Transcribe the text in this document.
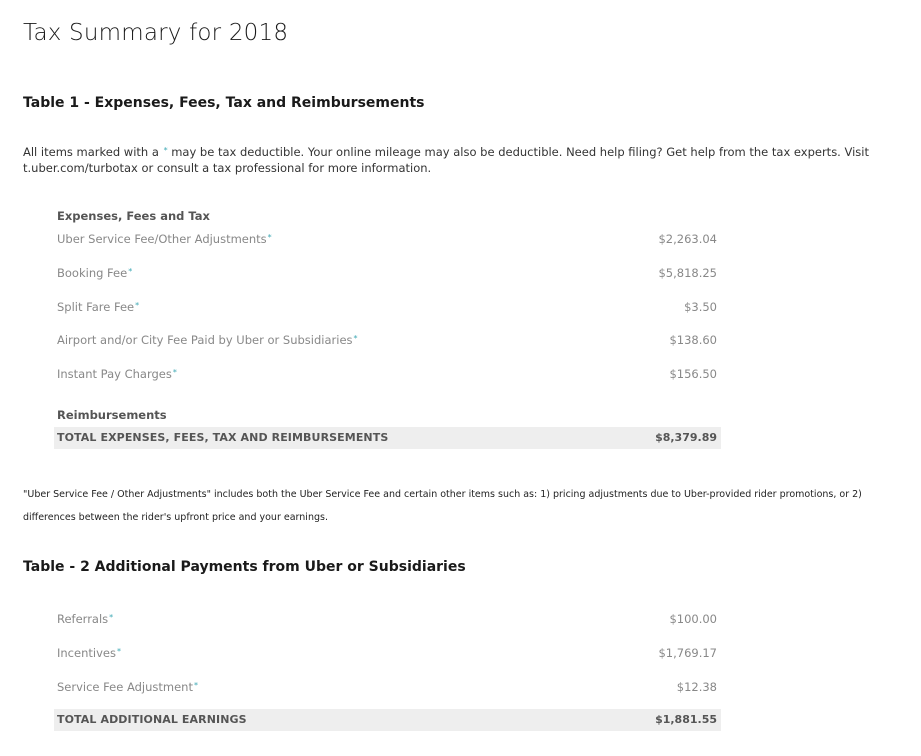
Tax Summary for 2018
Table 1 - Expenses, Fees, Tax and Reimbursements

All items marked with a * may be tax deductible. Your online mileage may also be deductible. Need help filing? Get help from the tax experts. Visit t.uber.com/turbotax or consult a tax professional for more information.

Expenses, Fees and Tax
Uber Service Fee/Other Adjustments*	$2,263.04
Booking Fee*	$5,818.25
Split Fare Fee*	$3.50
Airport and/or City Fee Paid by Uber or Subsidiaries*	$138.60
Instant Pay Charges*	$156.50
Reimbursements
TOTAL EXPENSES, FEES, TAX AND REIMBURSEMENTS	$8,379.89

"Uber Service Fee / Other Adjustments" includes both the Uber Service Fee and certain other items such as: 1) pricing adjustments due to Uber-provided rider promotions, or 2) differences between the rider's upfront price and your earnings.

Table - 2 Additional Payments from Uber or Subsidiaries
Referrals*	$100.00
Incentives*	$1,769.17
Service Fee Adjustment*	$12.38
TOTAL ADDITIONAL EARNINGS	$1,881.55
